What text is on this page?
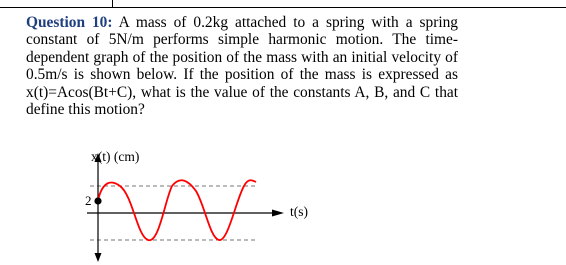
Question 10: A mass of 0.2kg attached to a spring with a spring constant of 5N/m performs simple harmonic motion. The time-dependent graph of the position of the mass with an initial velocity of 0.5m/s is shown below. If the position of the mass is expressed as x(t)=Acos(Bt+C), what is the value of the constants A, B, and C that define this motion?
2
x(t) (cm)
t(s)
